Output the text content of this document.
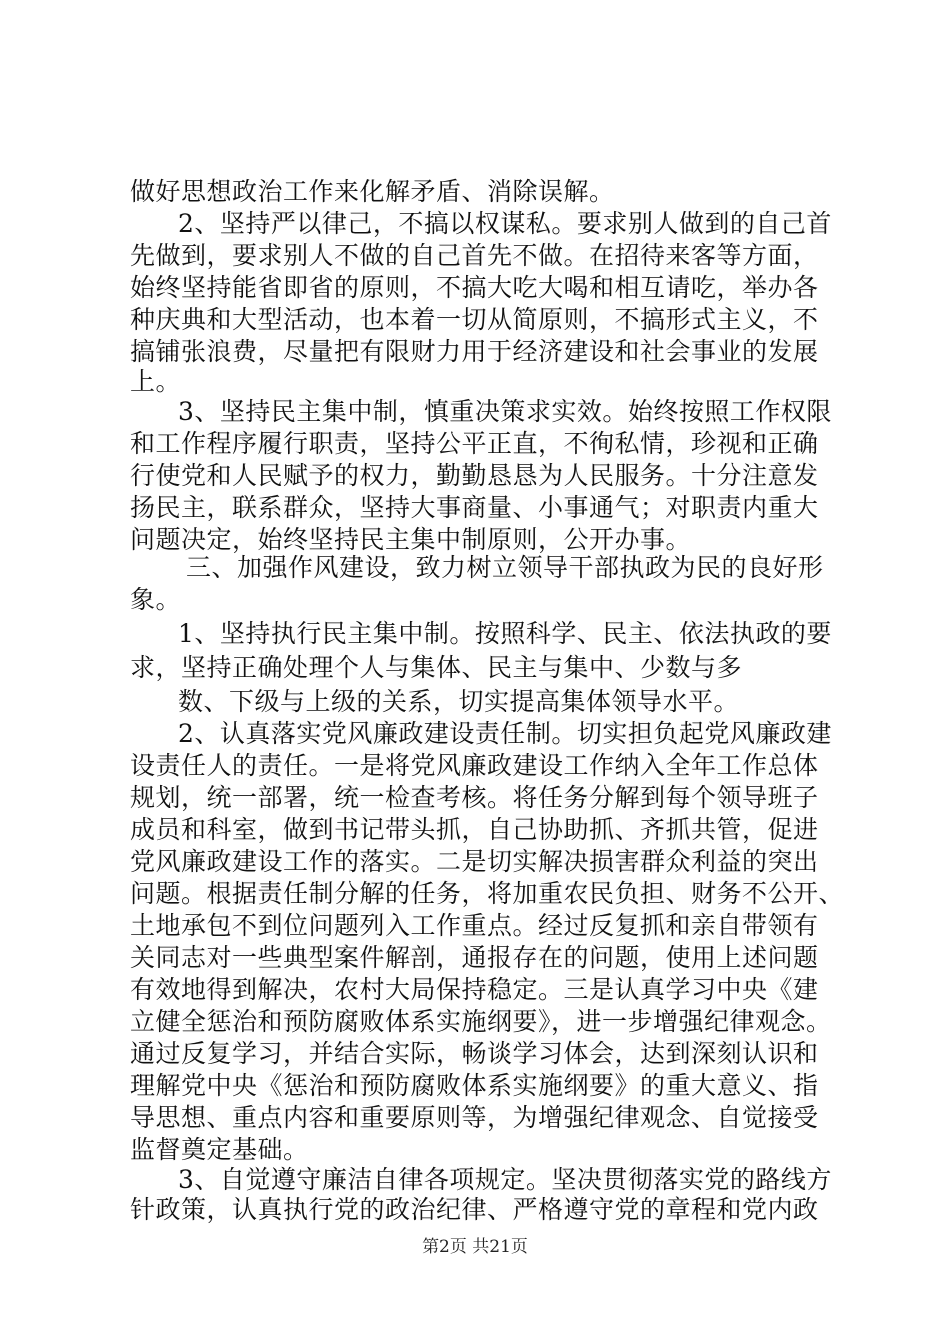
做好思想政治工作来化解矛盾、消除误解。
2、坚持严以律己，不搞以权谋私。要求别人做到的自己首
先做到，要求别人不做的自己首先不做。在招待来客等方面，
始终坚持能省即省的原则，不搞大吃大喝和相互请吃，举办各
种庆典和大型活动，也本着一切从简原则，不搞形式主义，不
搞铺张浪费，尽量把有限财力用于经济建设和社会事业的发展
上。
3、坚持民主集中制，慎重决策求实效。始终按照工作权限
和工作程序履行职责，坚持公平正直，不徇私情，珍视和正确
行使党和人民赋予的权力，勤勤恳恳为人民服务。十分注意发
扬民主，联系群众，坚持大事商量、小事通气；对职责内重大
问题决定，始终坚持民主集中制原则，公开办事。
三、加强作风建设，致力树立领导干部执政为民的良好形
象。
1、坚持执行民主集中制。按照科学、民主、依法执政的要
求，坚持正确处理个人与集体、民主与集中、少数与多
数、下级与上级的关系，切实提高集体领导水平。
2、认真落实党风廉政建设责任制。切实担负起党风廉政建
设责任人的责任。一是将党风廉政建设工作纳入全年工作总体
规划，统一部署，统一检查考核。将任务分解到每个领导班子
成员和科室，做到书记带头抓，自己协助抓、齐抓共管，促进
党风廉政建设工作的落实。二是切实解决损害群众利益的突出
问题。根据责任制分解的任务，将加重农民负担、财务不公开、
土地承包不到位问题列入工作重点。经过反复抓和亲自带领有
关同志对一些典型案件解剖，通报存在的问题，使用上述问题
有效地得到解决，农村大局保持稳定。三是认真学习中央《建
立健全惩治和预防腐败体系实施纲要》，进一步增强纪律观念。
通过反复学习，并结合实际，畅谈学习体会，达到深刻认识和
理解党中央《惩治和预防腐败体系实施纲要》的重大意义、指
导思想、重点内容和重要原则等，为增强纪律观念、自觉接受
监督奠定基础。
3、自觉遵守廉洁自律各项规定。坚决贯彻落实党的路线方
针政策，认真执行党的政治纪律、严格遵守党的章程和党内政
第2页 共21页
